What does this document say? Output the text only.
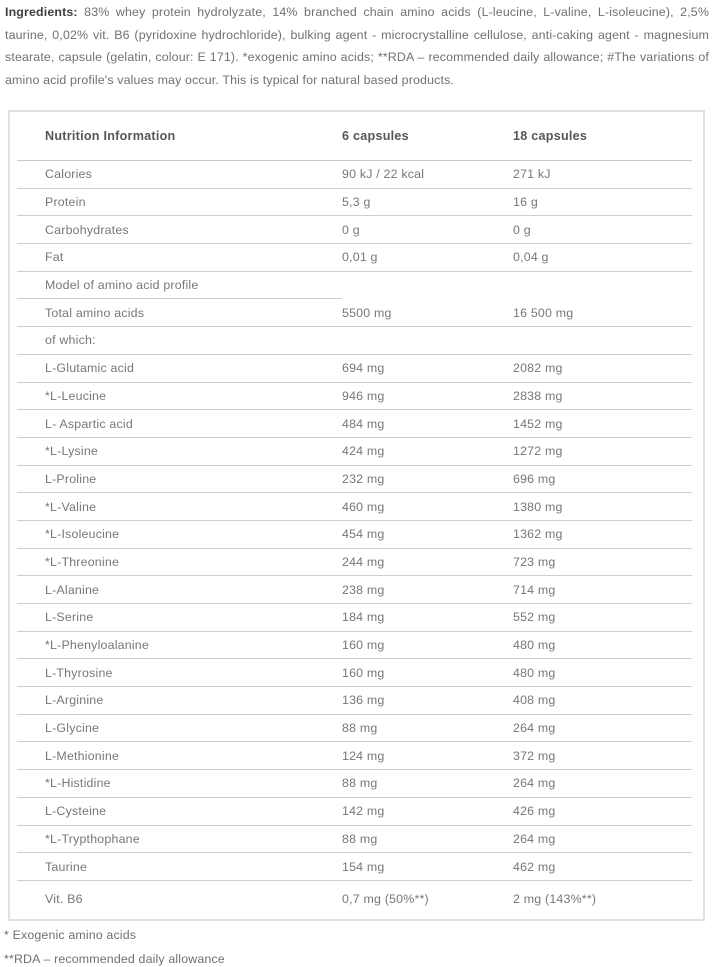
Ingredients: 83% whey protein hydrolyzate, 14% branched chain amino acids (L-leucine, L-valine, L-isoleucine), 2,5% taurine, 0,02% vit. B6 (pyridoxine hydrochloride), bulking agent - microcrystalline cellulose, anti-caking agent - magnesium stearate, capsule (gelatin, colour: E 171). *exogenic amino acids; **RDA – recommended daily allowance; #The variations of amino acid profile's values may occur. This is typical for natural based products.

Nutrition Information	6 capsules	18 capsules
Calories	90 kJ / 22 kcal	271 kJ
Protein	5,3 g	16 g
Carbohydrates	0 g	0 g
Fat	0,01 g	0,04 g
Model of amino acid profile		
Total amino acids	5500 mg	16 500 mg
of which:		
L-Glutamic acid	694 mg	2082 mg
*L-Leucine	946 mg	2838 mg
L- Aspartic acid	484 mg	1452 mg
*L-Lysine	424 mg	1272 mg
L-Proline	232 mg	696 mg
*L-Valine	460 mg	1380 mg
*L-Isoleucine	454 mg	1362 mg
*L-Threonine	244 mg	723 mg
L-Alanine	238 mg	714 mg
L-Serine	184 mg	552 mg
*L-Phenyloalanine	160 mg	480 mg
L-Thyrosine	160 mg	480 mg
L-Arginine	136 mg	408 mg
L-Glycine	88 mg	264 mg
L-Methionine	124 mg	372 mg
*L-Histidine	88 mg	264 mg
L-Cysteine	142 mg	426 mg
*L-Trypthophane	88 mg	264 mg
Taurine	154 mg	462 mg
Vit. B6	0,7 mg (50%**)	2 mg (143%**)

* Exogenic amino acids

**RDA – recommended daily allowance
